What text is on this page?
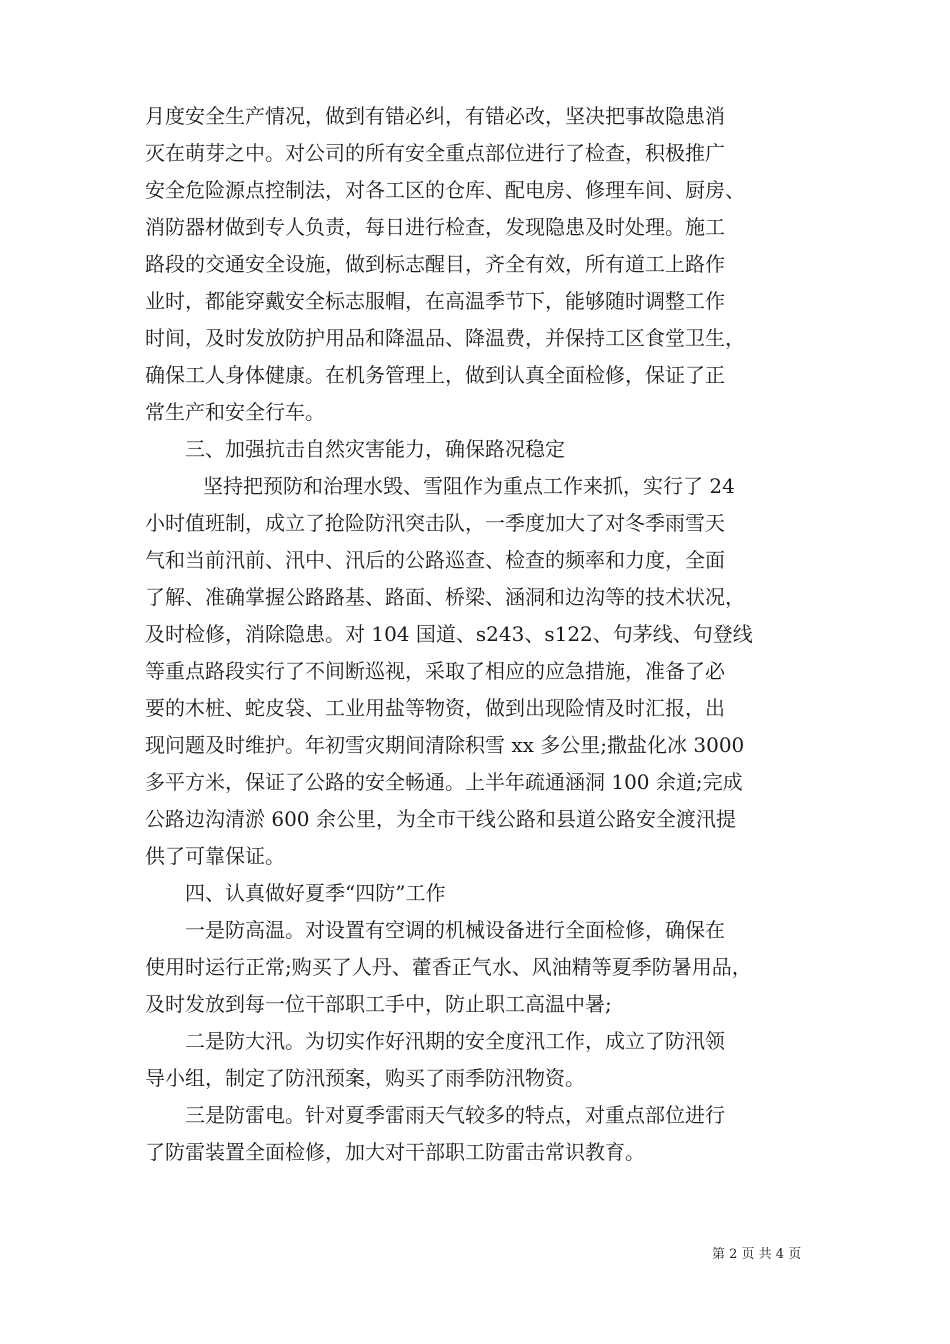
月度安全生产情况，做到有错必纠，有错必改，坚决把事故隐患消
灭在萌芽之中。对公司的所有安全重点部位进行了检查，积极推广
安全危险源点控制法，对各工区的仓库、配电房、修理车间、厨房、
消防器材做到专人负责，每日进行检查，发现隐患及时处理。施工
路段的交通安全设施，做到标志醒目，齐全有效，所有道工上路作
业时，都能穿戴安全标志服帽，在高温季节下，能够随时调整工作
时间，及时发放防护用品和降温品、降温费，并保持工区食堂卫生，
确保工人身体健康。在机务管理上，做到认真全面检修，保证了正
常生产和安全行车。
三、加强抗击自然灾害能力，确保路况稳定
坚持把预防和治理水毁、雪阻作为重点工作来抓，实行了 24
小时值班制，成立了抢险防汛突击队，一季度加大了对冬季雨雪天
气和当前汛前、汛中、汛后的公路巡查、检查的频率和力度，全面
了解、准确掌握公路路基、路面、桥梁、涵洞和边沟等的技术状况，
及时检修，消除隐患。对 104 国道、s243、s122、句茅线、句登线
等重点路段实行了不间断巡视，采取了相应的应急措施，准备了必
要的木桩、蛇皮袋、工业用盐等物资，做到出现险情及时汇报，出
现问题及时维护。年初雪灾期间清除积雪 xx 多公里;撒盐化冰 3000
多平方米，保证了公路的安全畅通。上半年疏通涵洞 100 余道;完成
公路边沟清淤 600 余公里，为全市干线公路和县道公路安全渡汛提
供了可靠保证。
四、认真做好夏季“四防”工作
一是防高温。对设置有空调的机械设备进行全面检修，确保在
使用时运行正常;购买了人丹、藿香正气水、风油精等夏季防暑用品，
及时发放到每一位干部职工手中，防止职工高温中暑;
二是防大汛。为切实作好汛期的安全度汛工作，成立了防汛领
导小组，制定了防汛预案，购买了雨季防汛物资。
三是防雷电。针对夏季雷雨天气较多的特点，对重点部位进行
了防雷装置全面检修，加大对干部职工防雷击常识教育。
第 2 页 共 4 页
